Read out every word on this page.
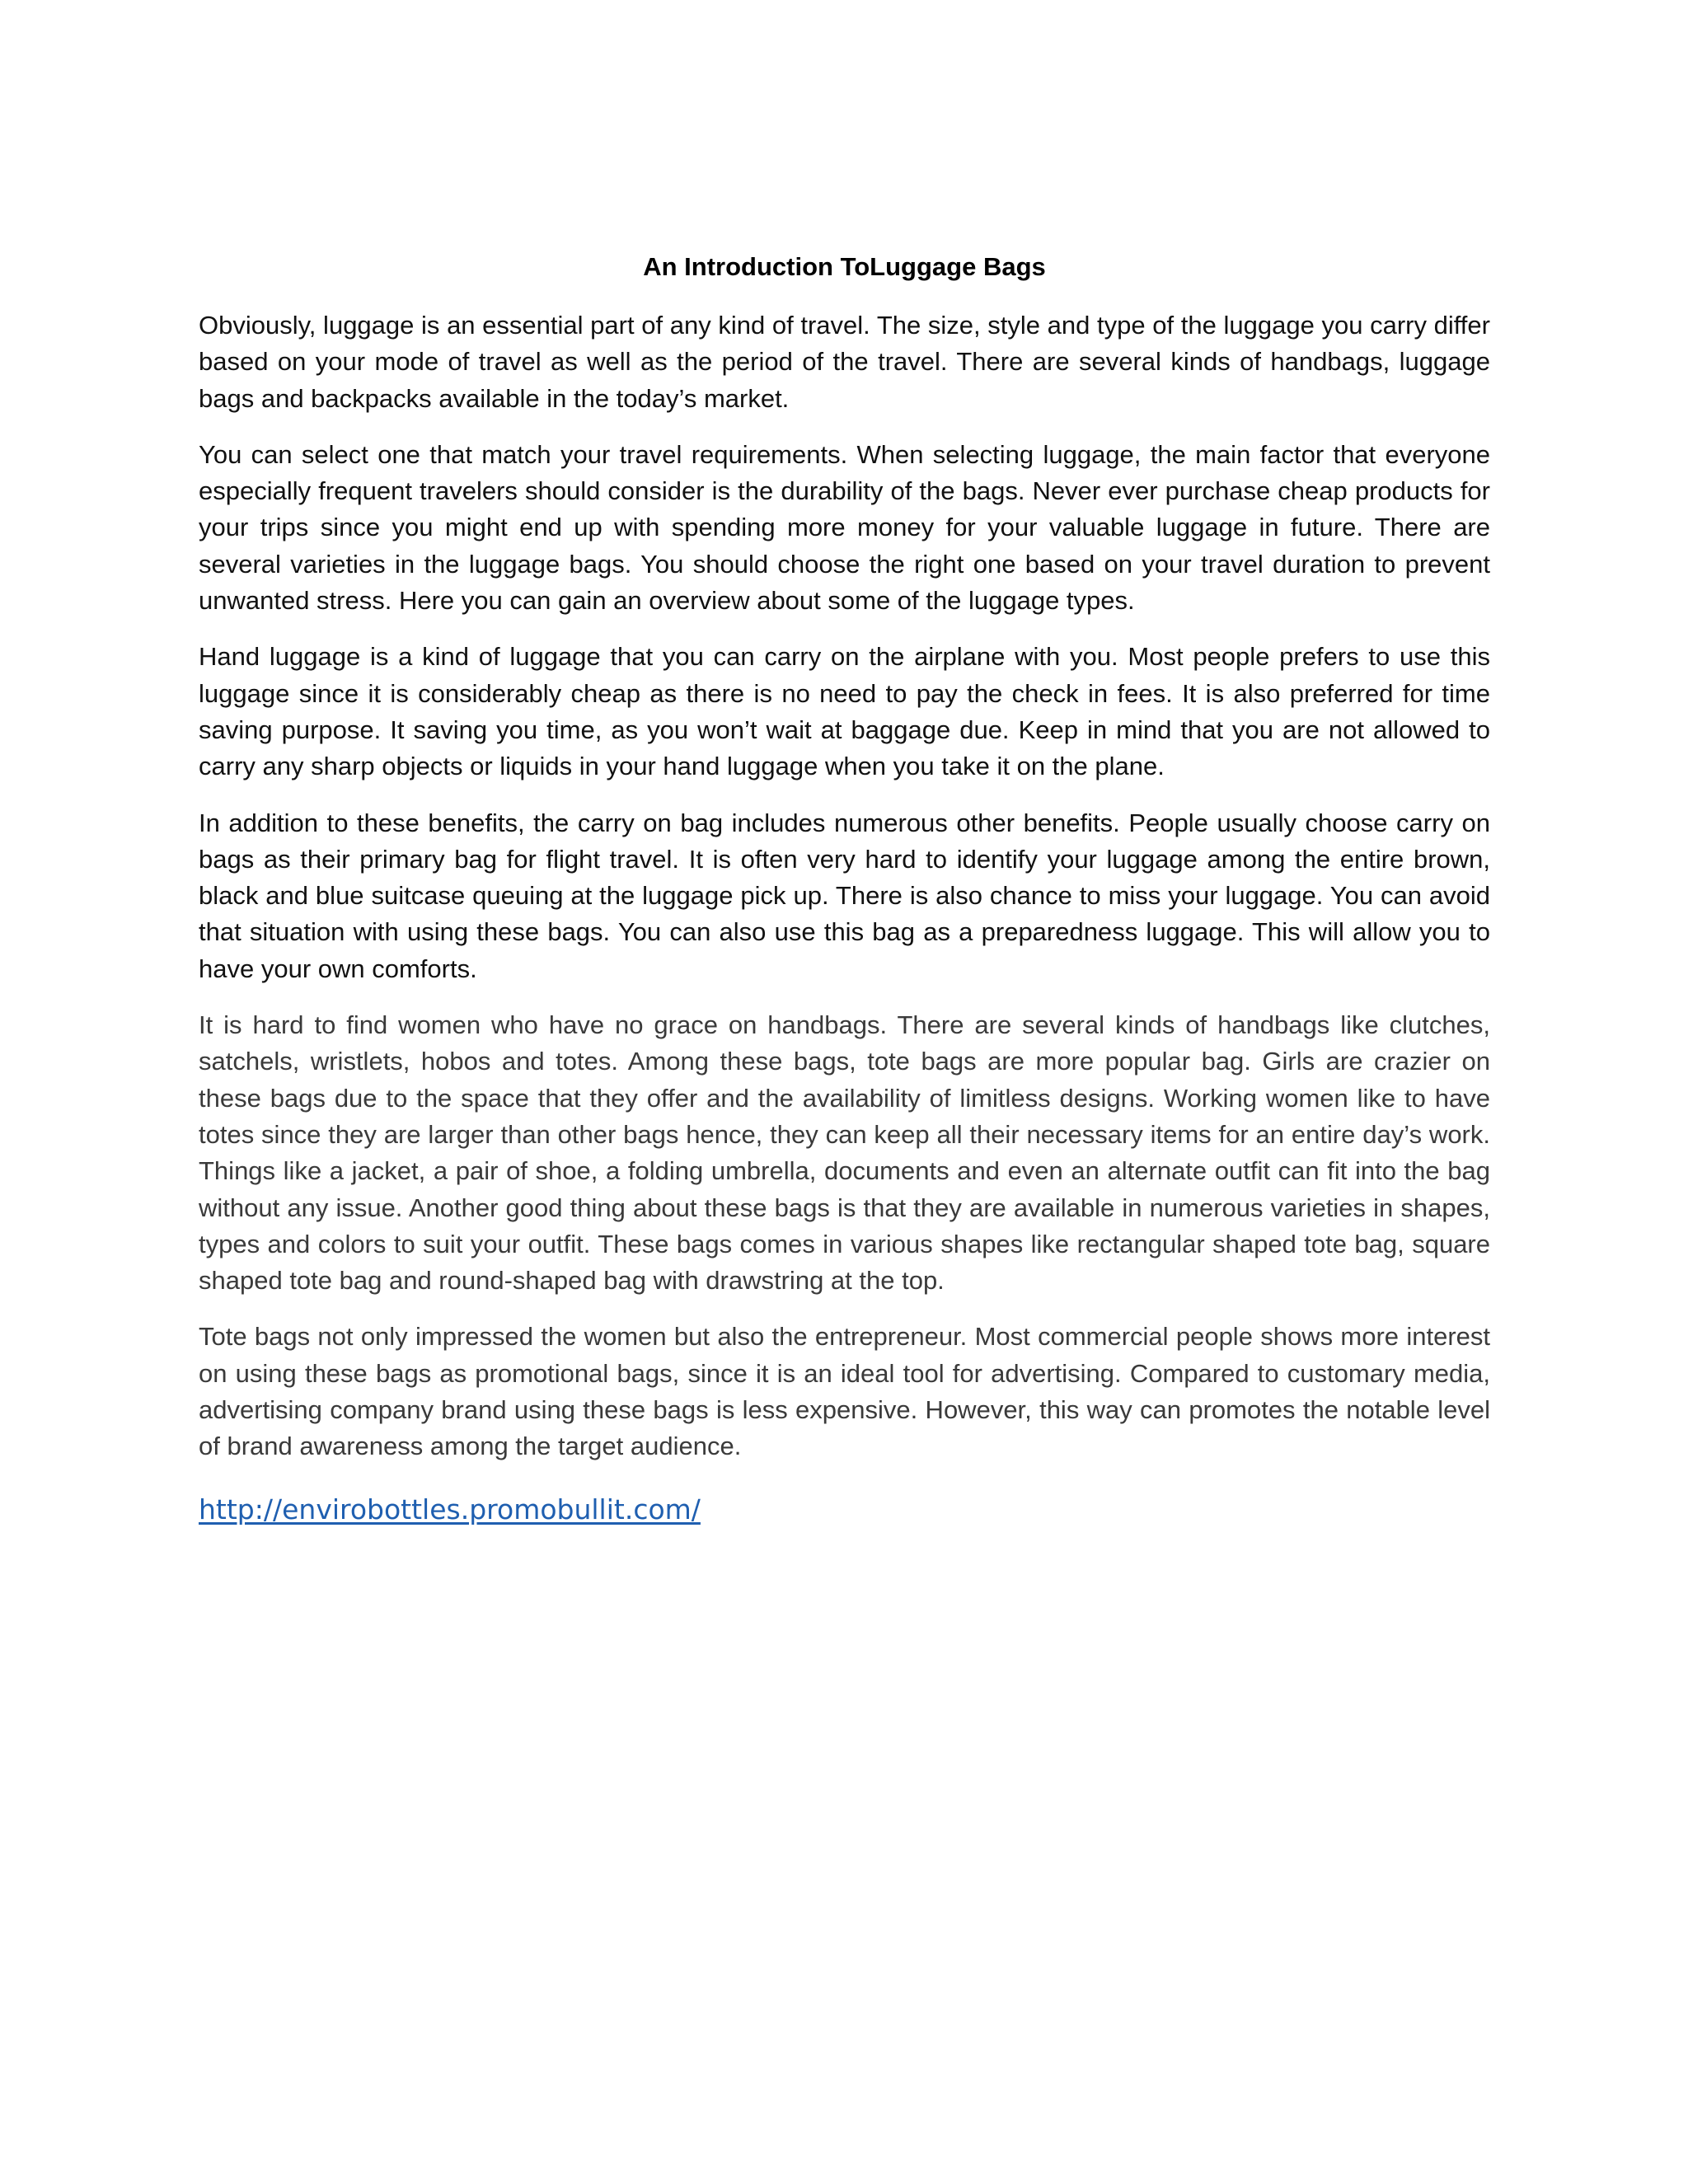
An Introduction ToLuggage Bags

Obviously, luggage is an essential part of any kind of travel. The size, style and type of the luggage you carry differ based on your mode of travel as well as the period of the travel. There are several kinds of handbags, luggage bags and backpacks available in the today’s market.

You can select one that match your travel requirements. When selecting luggage, the main factor that everyone especially frequent travelers should consider is the durability of the bags. Never ever purchase cheap products for your trips since you might end up with spending more money for your valuable luggage in future. There are several varieties in the luggage bags. You should choose the right one based on your travel duration to prevent unwanted stress. Here you can gain an overview about some of the luggage types.

Hand luggage is a kind of luggage that you can carry on the airplane with you. Most people prefers to use this luggage since it is considerably cheap as there is no need to pay the check in fees. It is also preferred for time saving purpose. It saving you time, as you won’t wait at baggage due. Keep in mind that you are not allowed to carry any sharp objects or liquids in your hand luggage when you take it on the plane.

In addition to these benefits, the carry on bag includes numerous other benefits. People usually choose carry on bags as their primary bag for flight travel. It is often very hard to identify your luggage among the entire brown, black and blue suitcase queuing at the luggage pick up. There is also chance to miss your luggage. You can avoid that situation with using these bags. You can also use this bag as a preparedness luggage. This will allow you to have your own comforts.

It is hard to find women who have no grace on handbags. There are several kinds of handbags like clutches, satchels, wristlets, hobos and totes. Among these bags, tote bags are more popular bag. Girls are crazier on these bags due to the space that they offer and the availability of limitless designs. Working women like to have totes since they are larger than other bags hence, they can keep all their necessary items for an entire day’s work. Things like a jacket, a pair of shoe, a folding umbrella, documents and even an alternate outfit can fit into the bag without any issue. Another good thing about these bags is that they are available in numerous varieties in shapes, types and colors to suit your outfit. These bags comes in various shapes like rectangular shaped tote bag, square shaped tote bag and round-shaped bag with drawstring at the top.

Tote bags not only impressed the women but also the entrepreneur. Most commercial people shows more interest on using these bags as promotional bags, since it is an ideal tool for advertising. Compared to customary media, advertising company brand using these bags is less expensive. However, this way can promotes the notable level of brand awareness among the target audience.

http://envirobottles.promobullit.com/
